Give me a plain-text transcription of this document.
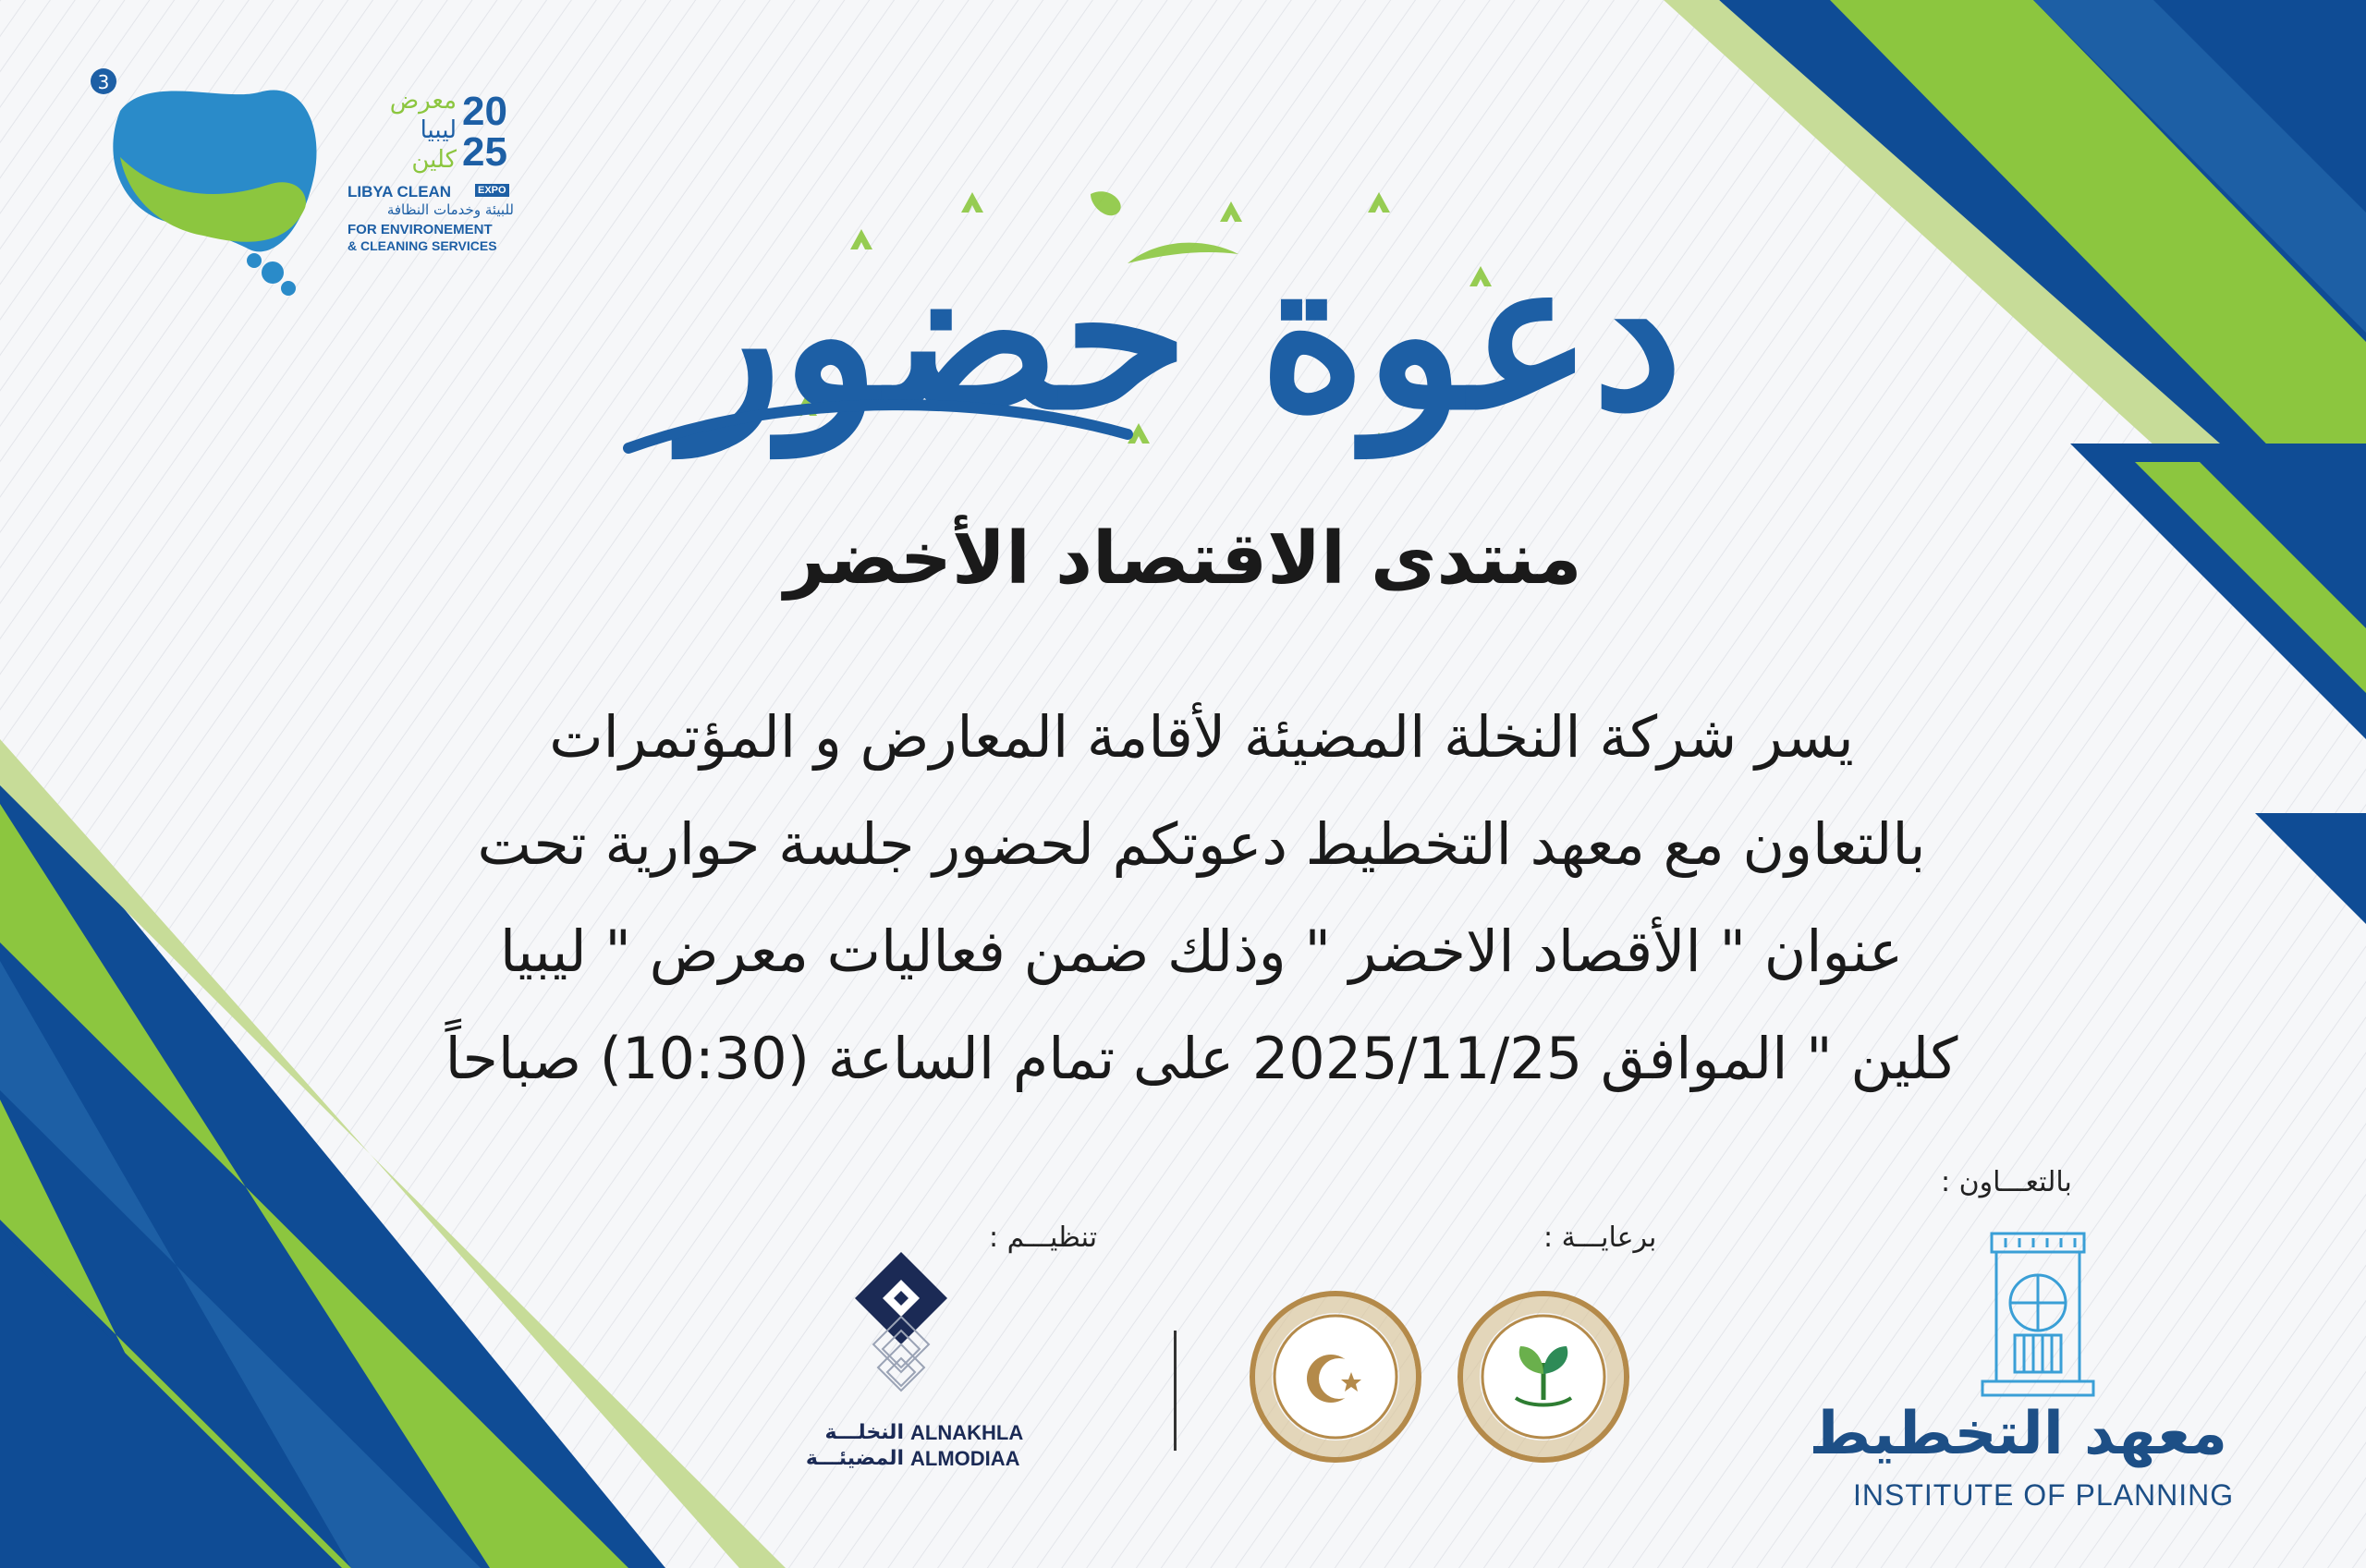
3
20
25
معرض
ليبيا
كلين
LIBYA CLEAN	EXPO
للبيئة وخدمات النظافة
FOR ENVIRONEMENT
& CLEANING SERVICES دعوة حضور
منتدى الاقتصاد الأخضر
يسر شركة النخلة المضيئة لأقامة المعارض و المؤتمرات
بالتعاون مع معهد التخطيط دعوتكم لحضور جلسة حوارية تحت
عنوان " الأقصاد الاخضر " وذلك ضمن فعاليات معرض " ليبيا
كلين " الموافق 2025/11/25 على تمام الساعة (10:30) صباحاً
بالتعـــاون :
برعايـــة :
تنظيـــم :
معهد التخطيط
INSTITUTE OF PLANNING
النخلـــة
المضيئـــة
ALNAKHLA
ALMODIAA
